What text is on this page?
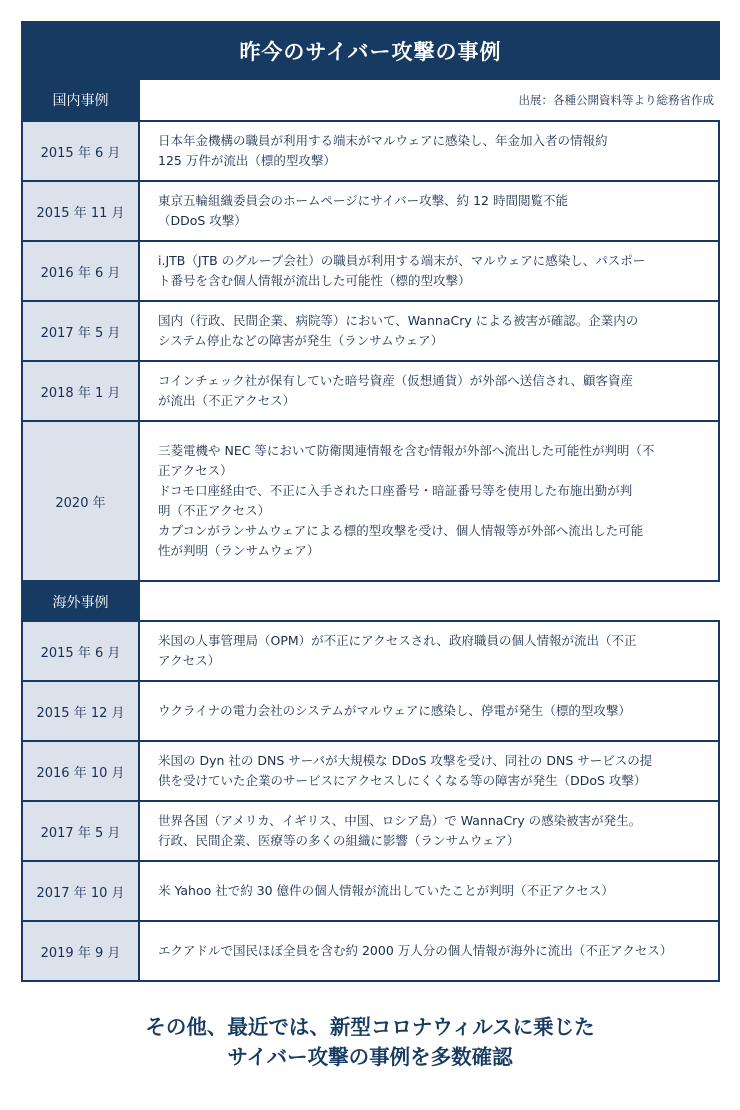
昨今のサイバー攻撃の事例
国内事例	出展：各種公開資料等より総務省作成
2015 年 6 月
日本年金機構の職員が利用する端末がマルウェアに感染し、年金加入者の情報約
125 万件が流出（標的型攻撃）
2015 年 11 月
東京五輪組織委員会のホームページにサイバー攻撃、約 12 時間閲覧不能
（DDoS 攻撃）
2016 年 6 月
i.JTB（JTB のグループ会社）の職員が利用する端末が、マルウェアに感染し、パスポー
ト番号を含む個人情報が流出した可能性（標的型攻撃）
2017 年 5 月
国内（行政、民間企業、病院等）において、WannaCry による被害が確認。企業内の
システム停止などの障害が発生（ランサムウェア）
2018 年 1 月
コインチェック社が保有していた暗号資産（仮想通貨）が外部へ送信され、顧客資産
が流出（不正アクセス）
2020 年
三菱電機や NEC 等において防衛関連情報を含む情報が外部へ流出した可能性が判明（不
正アクセス）
ドコモ口座経由で、不正に入手された口座番号・暗証番号等を使用した布施出勤が判
明（不正アクセス）
カプコンがランサムウェアによる標的型攻撃を受け、個人情報等が外部へ流出した可能
性が判明（ランサムウェア）
海外事例
2015 年 6 月
米国の人事管理局（OPM）が不正にアクセスされ、政府職員の個人情報が流出（不正
アクセス）
2015 年 12 月	ウクライナの電力会社のシステムがマルウェアに感染し、停電が発生（標的型攻撃）
2016 年 10 月
米国の Dyn 社の DNS サーバが大規模な DDoS 攻撃を受け、同社の DNS サービスの提
供を受けていた企業のサービスにアクセスしにくくなる等の障害が発生（DDoS 攻撃）
2017 年 5 月
世界各国（アメリカ、イギリス、中国、ロシア島）で WannaCry の感染被害が発生。
行政、民間企業、医療等の多くの組織に影響（ランサムウェア）
2017 年 10 月	米 Yahoo 社で約 30 億件の個人情報が流出していたことが判明（不正アクセス）
2019 年 9 月	エクアドルで国民ほぼ全員を含む約 2000 万人分の個人情報が海外に流出（不正アクセス）
その他、最近では、新型コロナウィルスに乗じた
サイバー攻撃の事例を多数確認
